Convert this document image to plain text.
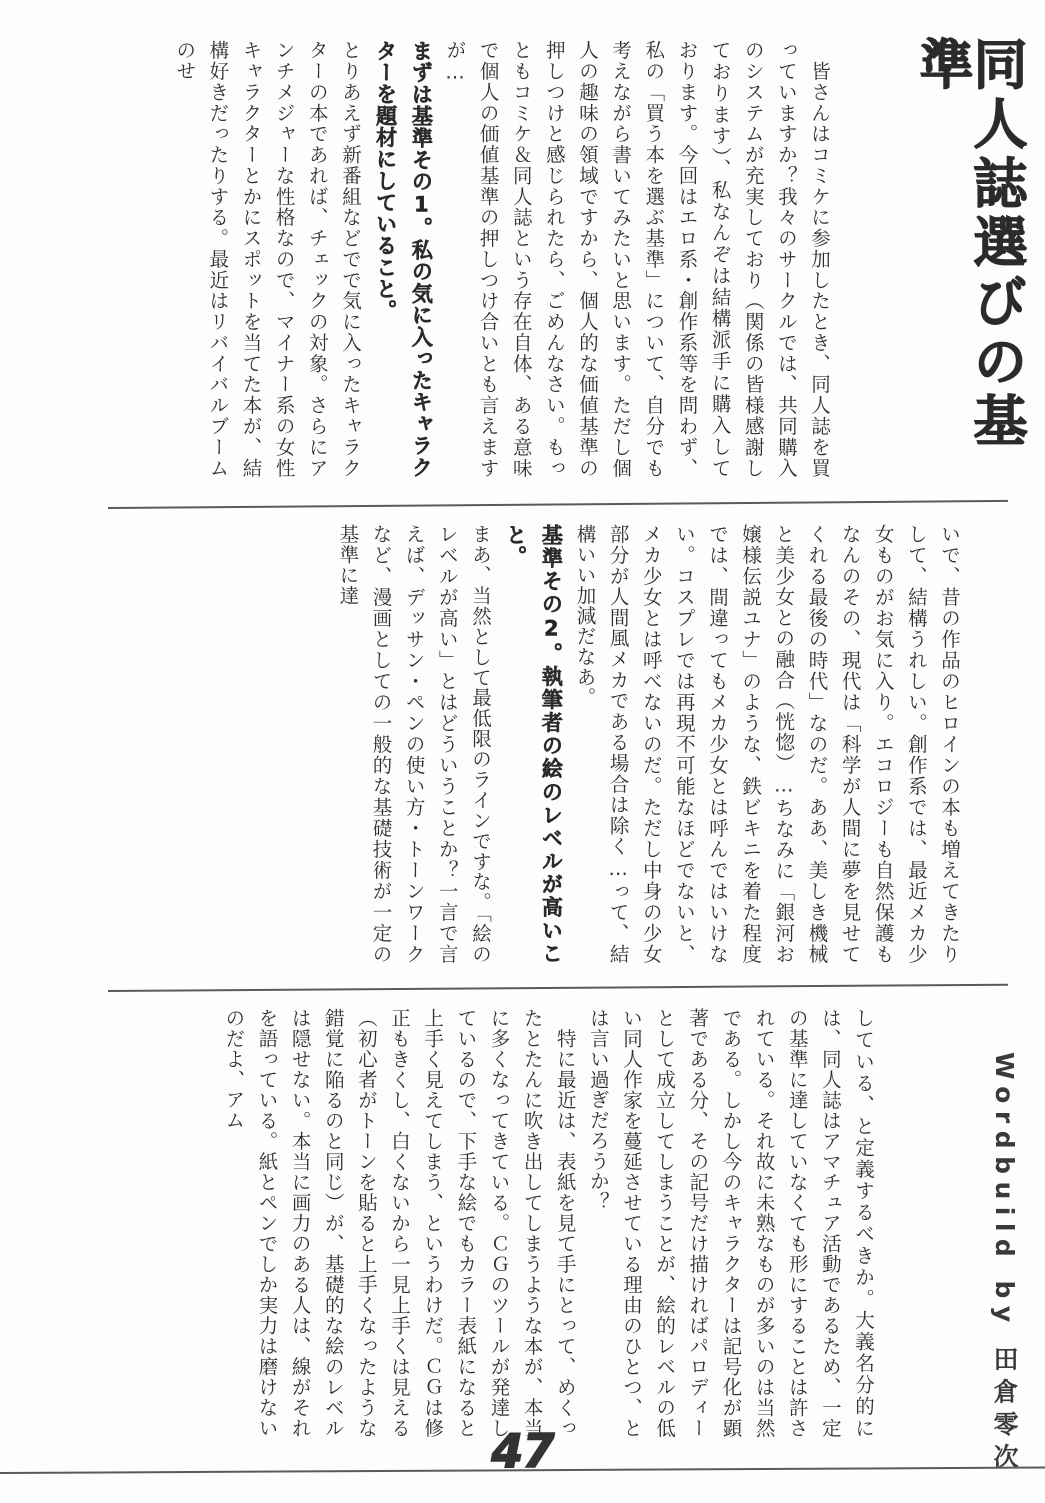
同人誌選びの基準
Wordbuild by 田倉零次
　皆さんはコミケに参加したとき、同人誌を買っていますか？我々のサークルでは、共同購入のシステムが充実しており（関係の皆様感謝しております）、私なんぞは結構派手に購入しております。今回はエロ系・創作系等を問わず、私の「買う本を選ぶ基準」について、自分でも考えながら書いてみたいと思います。ただし個人の趣味の領域ですから、個人的な価値基準の押しつけと感じられたら、ごめんなさい。もっともコミケ＆同人誌という存在自体、ある意味で個人の価値基準の押しつけ合いとも言えますが…
まずは基準その1。私の気に入ったキャラクターを題材にしていること。
とりあえず新番組などでで気に入ったキャラクターの本であれば、チェックの対象。さらにアンチメジャーな性格なので、マイナー系の女性キャラクターとかにスポットを当てた本が、結構好きだったりする。最近はリバイバルブームのせ
いで、昔の作品のヒロインの本も増えてきたりして、結構うれしい。創作系では、最近メカ少女ものがお気に入り。エコロジーも自然保護もなんのその、現代は「科学が人間に夢を見せてくれる最後の時代」なのだ。ああ、美しき機械と美少女との融合（恍惚）…ちなみに「銀河お嬢様伝説ユナ」のような、鉄ビキニを着た程度では、間違ってもメカ少女とは呼んではいけない。コスプレでは再現不可能なほどでないと、メカ少女とは呼べないのだ。ただし中身の少女部分が人間風メカである場合は除く…って、結構いい加減だなあ。
基準その2。執筆者の絵のレベルが高いこと。
まあ、当然として最低限のラインですな。「絵のレベルが高い」とはどういうことか？一言で言えば、デッサン・ペンの使い方・トーンワークなど、漫画としての一般的な基礎技術が一定の基準に達
している、と定義するべきか。大義名分的には、同人誌はアマチュア活動であるため、一定の基準に達していなくても形にすることは許されている。それ故に未熟なものが多いのは当然である。しかし今のキャラクターは記号化が顕著である分、その記号だけ描ければパロディーとして成立してしまうことが、絵的レベルの低い同人作家を蔓延させている理由のひとつ、とは言い過ぎだろうか？
　特に最近は、表紙を見て手にとって、めくったとたんに吹き出してしまうような本が、本当に多くなってきている。ＣＧのツールが発達しているので、下手な絵でもカラー表紙になると上手く見えてしまう、というわけだ。ＣＧは修正もきくし、白くないから一見上手くは見える（初心者がトーンを貼ると上手くなったような錯覚に陥るのと同じ）が、基礎的な絵のレベルは隠せない。本当に画力のある人は、線がそれを語っている。紙とペンでしか実力は磨けないのだよ、アム
47
